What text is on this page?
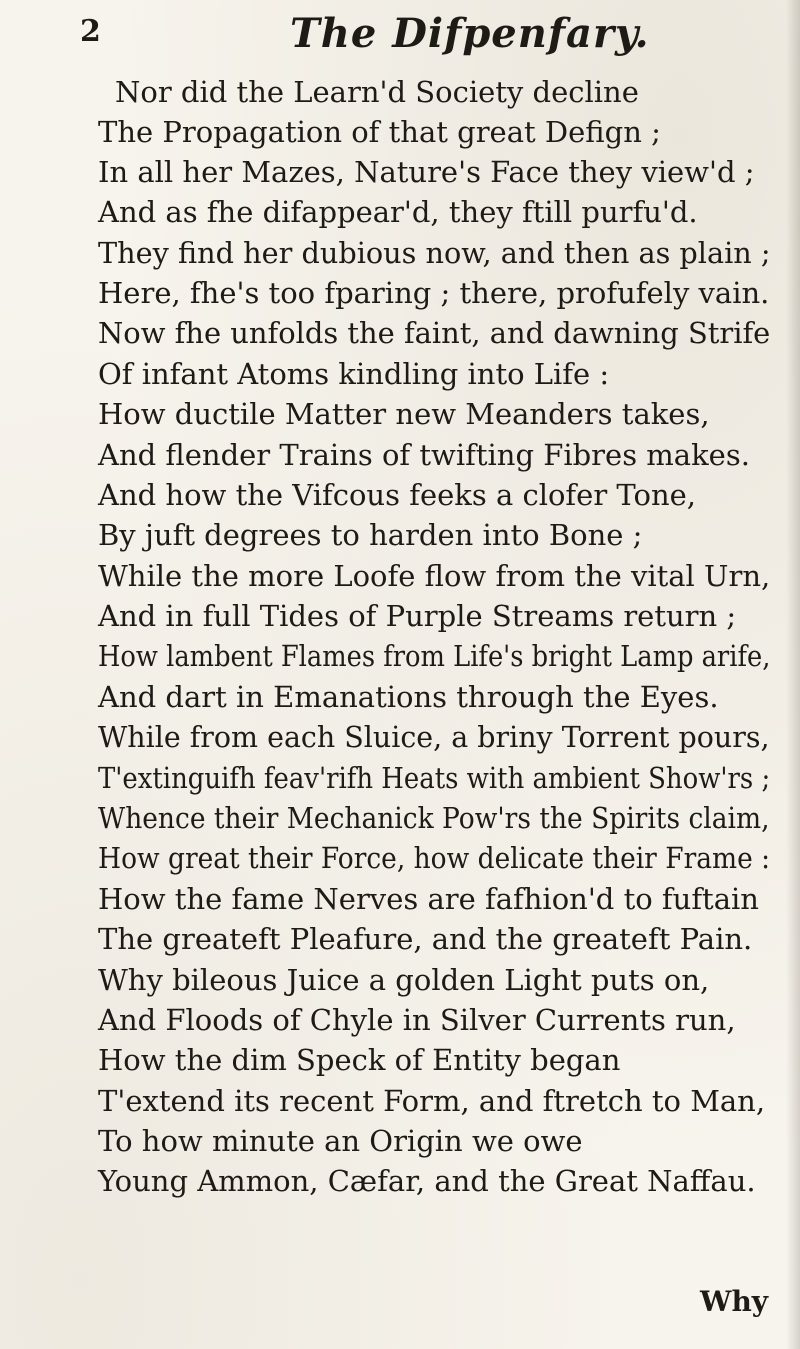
2	The Difpenfary.
Nor did the Learn'd Society decline
The Propagation of that great Defign ;
In all her Mazes, Nature's Face they view'd ;
And as fhe difappear'd, they ftill purfu'd.
They find her dubious now, and then as plain ;
Here, fhe's too fparing ; there, profufely vain.
Now fhe unfolds the faint, and dawning Strife
Of infant Atoms kindling into Life :
How ductile Matter new Meanders takes,
And flender Trains of twifting Fibres makes.
And how the Vifcous feeks a clofer Tone,
By juft degrees to harden into Bone ;
While the more Loofe flow from the vital Urn,
And in full Tides of Purple Streams return ;
How lambent Flames from Life's bright Lamp arife,
And dart in Emanations through the Eyes.
While from each Sluice, a briny Torrent pours,
T'extinguifh feav'rifh Heats with ambient Show'rs ;
Whence their Mechanick Pow'rs the Spirits claim,
How great their Force, how delicate their Frame :
How the fame Nerves are fafhion'd to fuftain
The greateft Pleafure, and the greateft Pain.
Why bileous Juice a golden Light puts on,
And Floods of Chyle in Silver Currents run,
How the dim Speck of Entity began
T'extend its recent Form, and ftretch to Man,
To how minute an Origin we owe
Young Ammon, Cæfar, and the Great Naffau.
Why
